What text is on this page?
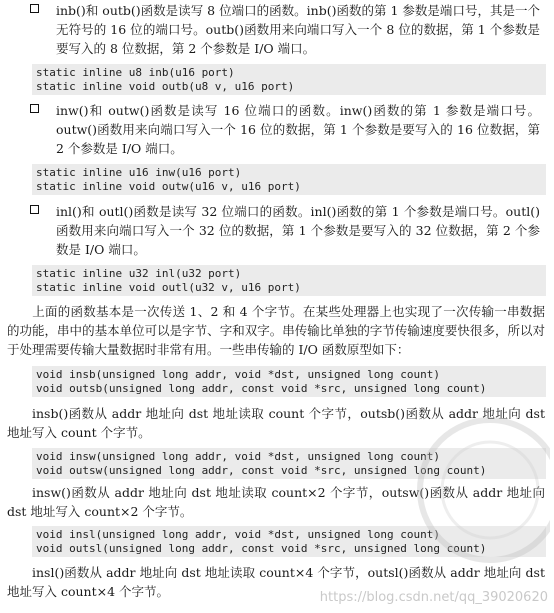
inb()和 outb()函数是读写 8 位端口的函数。inb()函数的第 1 参数是端口号，其是一个无符号的 16 位的端口号。outb()函数用来向端口写入一个 8 位的数据，第 1 个参数是要写入的 8 位数据，第 2 个参数是 I/O 端口。
static inline u8 inb(u16 port)
static inline void outb(u8 v, u16 port)
inw()和 outw()函数是读写 16 位端口的函数。inw()函数的第 1 参数是端口号。outw()函数用来向端口写入一个 16 位的数据，第 1 个参数是要写入的 16 位数据，第 2 个参数是 I/O 端口。
static inline u16 inw(u16 port)
static inline void outw(u16 v, u16 port)
inl()和 outl()函数是读写 32 位端口的函数。inl()函数的第 1 个参数是端口号。outl()函数用来向端口写入一个 32 位的数据，第 1 个参数是要写入的 32 位数据，第 2 个参数是 I/O 端口。
static inline u32 inl(u32 port)
static inline void outl(u32 v, u16 port)
上面的函数基本是一次传送 1、2 和 4 个字节。在某些处理器上也实现了一次传输一串数据的功能，串中的基本单位可以是字节、字和双字。串传输比单独的字节传输速度要快很多，所以对于处理需要传输大量数据时非常有用。一些串传输的 I/O 函数原型如下：
void insb(unsigned long addr, void *dst, unsigned long count)
void outsb(unsigned long addr, const void *src, unsigned long count)
insb()函数从 addr 地址向 dst 地址读取 count 个字节，outsb()函数从 addr 地址向 dst 地址写入 count 个字节。
void insw(unsigned long addr, void *dst, unsigned long count)
void outsw(unsigned long addr, const void *src, unsigned long count)
insw()函数从 addr 地址向 dst 地址读取 count×2 个字节，outsw()函数从 addr 地址向 dst 地址写入 count×2 个字节。
void insl(unsigned long addr, void *dst, unsigned long count)
void outsl(unsigned long addr, const void *src, unsigned long count)
insl()函数从 addr 地址向 dst 地址读取 count×4 个字节，outsl()函数从 addr 地址向 dst 地址写入 count×4 个字节。	https://blog.csdn.net/qq_39020620
